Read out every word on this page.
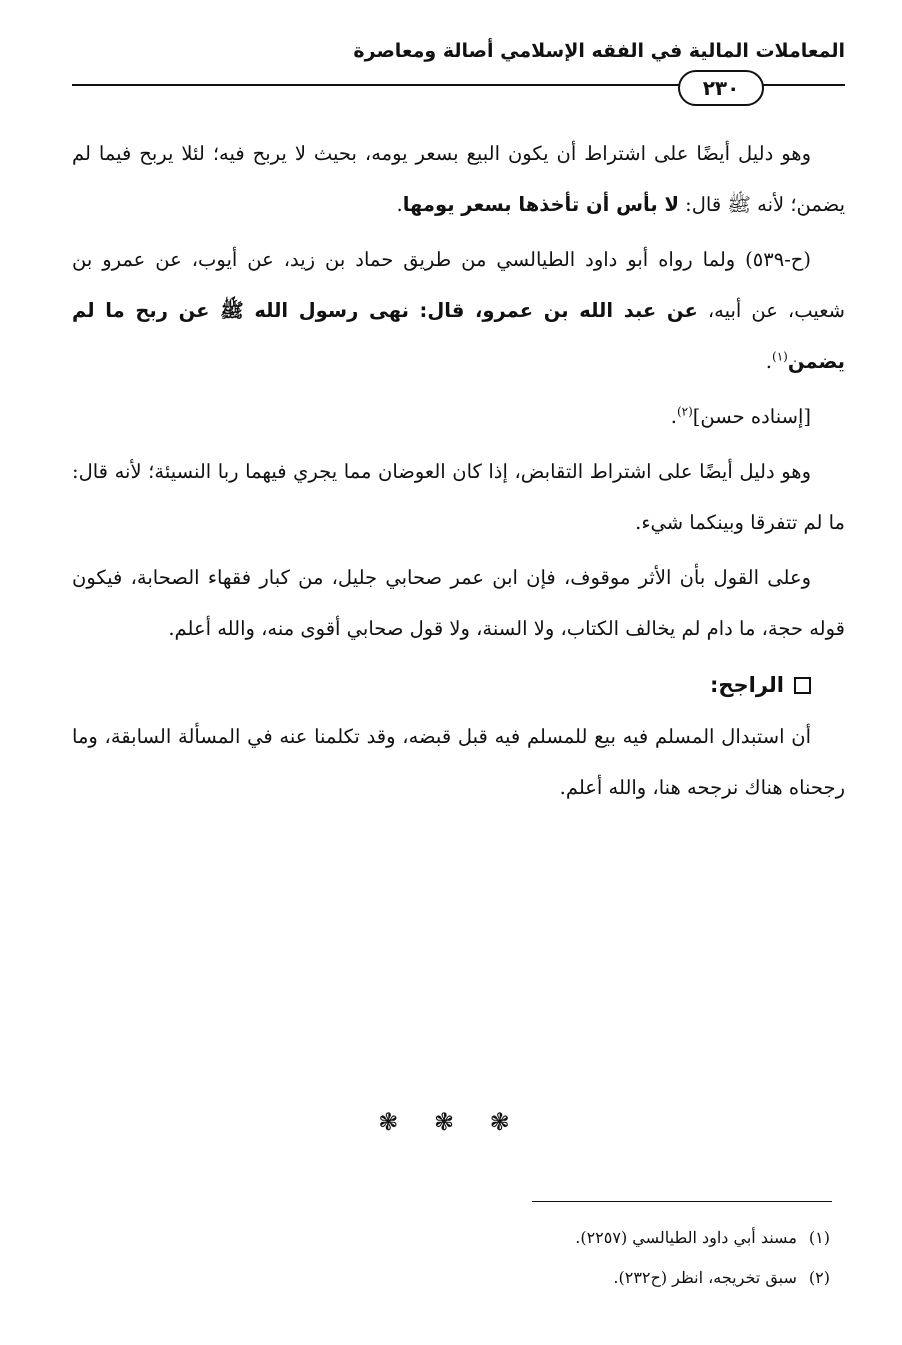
المعاملات المالية في الفقه الإسلامي أصالة ومعاصرة
٢٣٠

وهو دليل أيضًا على اشتراط أن يكون البيع بسعر يومه، بحيث لا يربح فيه؛ لئلا يربح فيما لم يضمن؛ لأنه ﷺ قال: لا بأس أن تأخذها بسعر يومها.

(ح-٥٣٩) ولما رواه أبو داود الطيالسي من طريق حماد بن زيد، عن أيوب، عن عمرو بن شعيب، عن أبيه، عن عبد الله بن عمرو، قال: نهى رسول الله ﷺ عن ربح ما لم يضمن$^{(١)}$.

[إسناده حسن]$^{(٢)}$.

وهو دليل أيضًا على اشتراط التقابض، إذا كان العوضان مما يجري فيهما ربا النسيئة؛ لأنه قال: ما لم تتفرقا وبينكما شيء.

وعلى القول بأن الأثر موقوف، فإن ابن عمر صحابي جليل، من كبار فقهاء الصحابة، فيكون قوله حجة، ما دام لم يخالف الكتاب، ولا السنة، ولا قول صحابي أقوى منه، والله أعلم.

الراجح:

أن استبدال المسلم فيه بيع للمسلم فيه قبل قبضه، وقد تكلمنا عنه في المسألة السابقة، وما رجحناه هناك نرجحه هنا، والله أعلم.

❃ ❃ ❃
(١)مسند أبي داود الطيالسي (٢٢٥٧).
(٢)سبق تخريجه، انظر (ح٢٣٢).
